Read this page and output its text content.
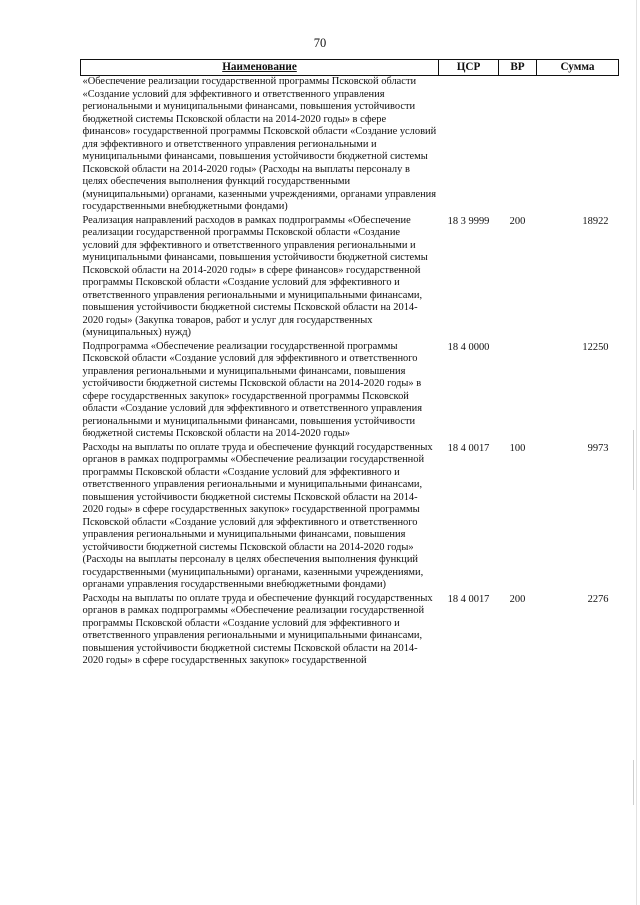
70
Наименование	ЦСР	ВР	Сумма
«Обеспечение реализации государственной программы Псковской области «Создание условий для эффективного и ответственного управления региональными и муниципальными финансами, повышения устойчивости бюджетной системы Псковской области на 2014-2020 годы» в сфере финансов» государственной программы Псковской области «Создание условий для эффективного и ответственного управления региональными и муниципальными финансами, повышения устойчивости бюджетной системы Псковской области на 2014-2020 годы» (Расходы на выплаты персоналу в целях обеспечения выполнения функций государственными (муниципальными) органами, казенными учреждениями, органами управления государственными внебюджетными фондами)			
Реализация направлений расходов в рамках подпрограммы «Обеспечение реализации государственной программы Псковской области «Создание условий для эффективного и ответственного управления региональными и муниципальными финансами, повышения устойчивости бюджетной системы Псковской области на 2014-2020 годы» в сфере финансов» государственной программы Псковской области «Создание условий для эффективного и ответственного управления региональными и муниципальными финансами, повышения устойчивости бюджетной системы Псковской области на 2014-2020 годы» (Закупка товаров, работ и услуг для государственных (муниципальных) нужд)	18 3 9999	200	18922
Подпрограмма «Обеспечение реализации государственной программы Псковской области «Создание условий для эффективного и ответственного управления региональными и муниципальными финансами, повышения устойчивости бюджетной системы Псковской области на 2014-2020 годы» в сфере государственных закупок» государственной программы Псковской области «Создание условий для эффективного и ответственного управления региональными и муниципальными финансами, повышения устойчивости бюджетной системы Псковской области на 2014-2020 годы»	18 4 0000		12250
Расходы на выплаты по оплате труда и обеспечение функций государственных органов в рамках подпрограммы «Обеспечение реализации государственной программы Псковской области «Создание условий для эффективного и ответственного управления региональными и муниципальными финансами, повышения устойчивости бюджетной системы Псковской области на 2014-2020 годы» в сфере государственных закупок» государственной программы Псковской области «Создание условий для эффективного и ответственного управления региональными и муниципальными финансами, повышения устойчивости бюджетной системы Псковской области на 2014-2020 годы» (Расходы на выплаты персоналу в целях обеспечения выполнения функций государственными (муниципальными) органами, казенными учреждениями, органами управления государственными внебюджетными фондами)	18 4 0017	100	9973
Расходы на выплаты по оплате труда и обеспечение функций государственных органов в рамках подпрограммы «Обеспечение реализации государственной программы Псковской области «Создание условий для эффективного и ответственного управления региональными и муниципальными финансами, повышения устойчивости бюджетной системы Псковской области на 2014-2020 годы» в сфере государственных закупок» государственной	18 4 0017	200	2276
